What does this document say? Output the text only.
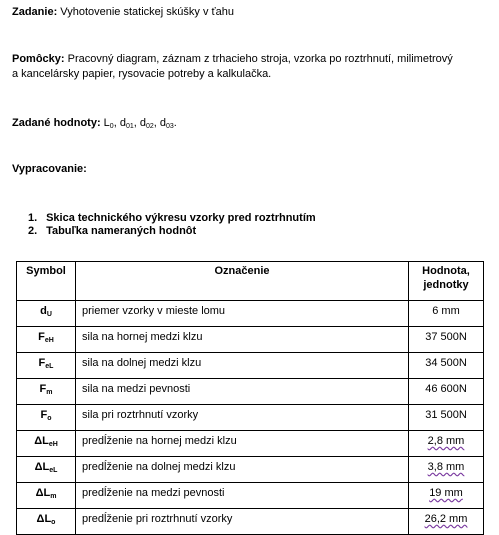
Zadanie: Vyhotovenie statickej skúšky v ťahu

Pomôcky: Pracovný diagram, záznam z trhacieho stroja, vzorka po roztrhnutí, milimetrový
a kancelársky papier, rysovacie potreby a kalkulačka.

Zadané hodnoty: $L_0$, $d_{01}$, $d_{02}$, $d_{03}$.

Vypracovanie:

1. Skica technického výkresu vzorky pred roztrhnutím
2. Tabuľka nameraných hodnôt
Symbol	Označenie	Hodnota,
jednotky
$d_U$	priemer vzorky v mieste lomu	6 mm
$F_{eH}$	sila na hornej medzi klzu	37 500N
$F_{eL}$	sila na dolnej medzi klzu	34 500N
$F_m$	sila na medzi pevnosti	46 600N
$F_o$	sila pri roztrhnutí vzorky	31 500N
$\Delta L_{eH}$	predĺženie na hornej medzi klzu	2,8 mm
$\Delta L_{eL}$	predĺženie na dolnej medzi klzu	3,8 mm
$\Delta L_m$	predĺženie na medzi pevnosti	19 mm
$\Delta L_o$	predĺženie pri roztrhnutí vzorky	26,2 mm
